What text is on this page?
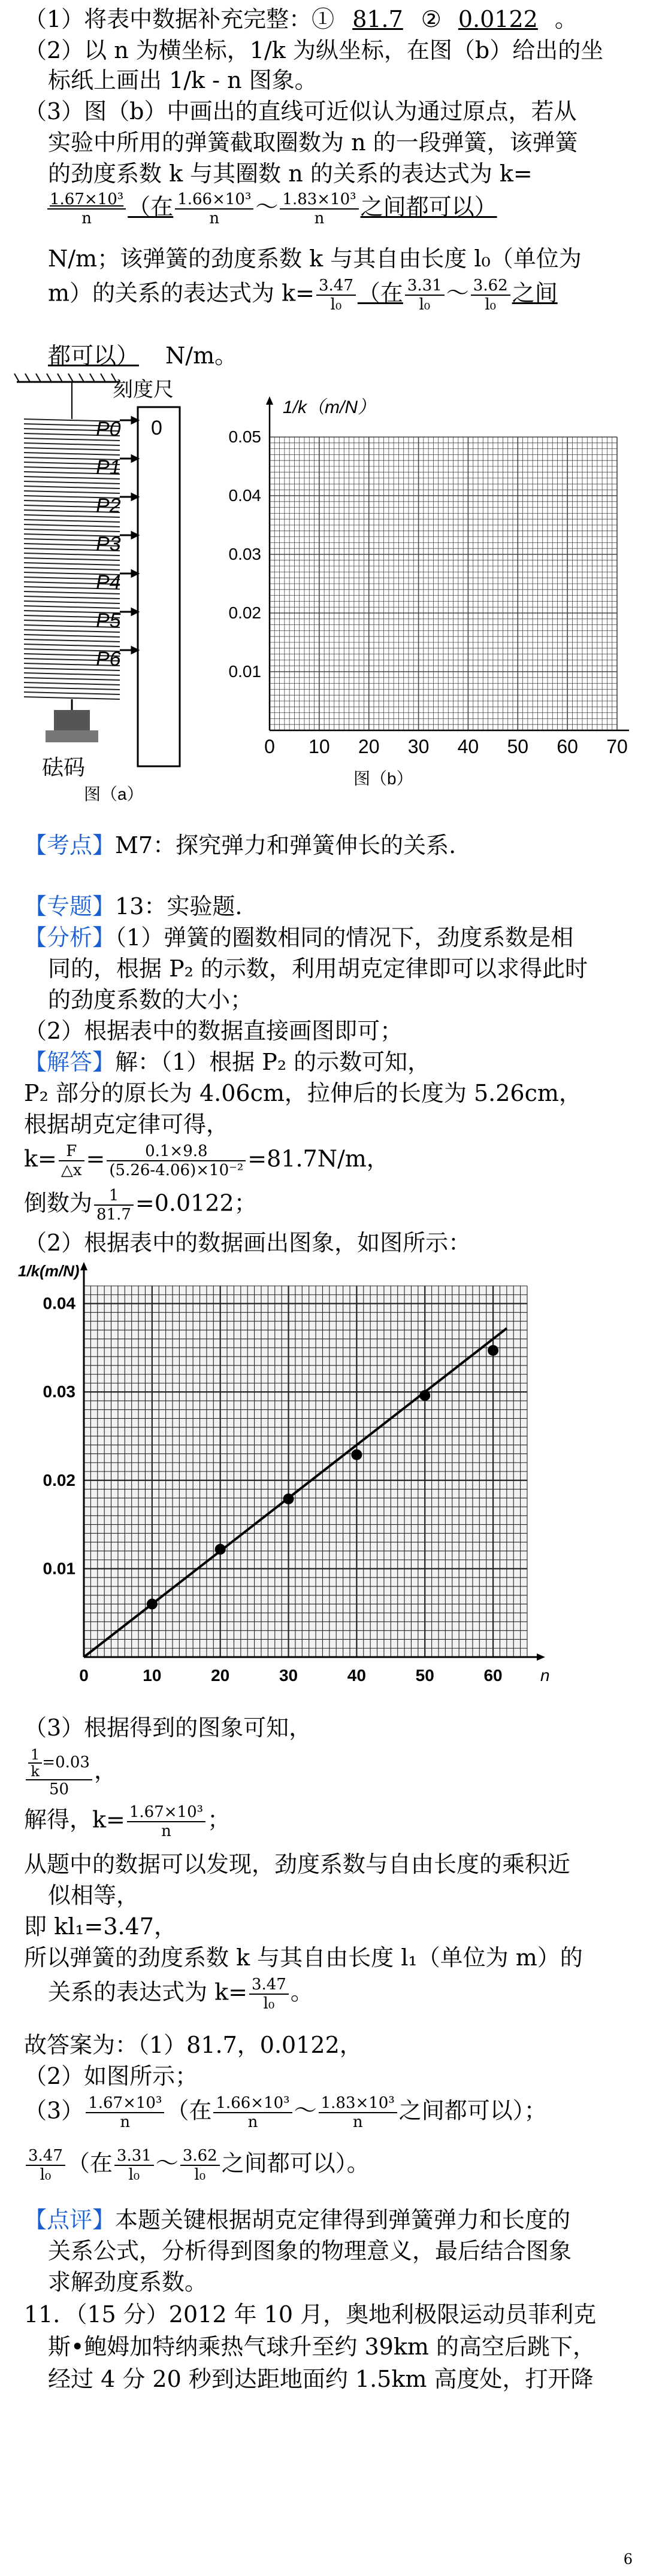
（1）将表中数据补充完整：① 81.7 ② 0.0122 。
（2）以 n 为横坐标，1/k 为纵坐标，在图（b）给出的坐
标纸上画出 1/k - n 图象。
（3）图（b）中画出的直线可近似认为通过原点，若从
实验中所用的弹簧截取圈数为 n 的一段弹簧，该弹簧
的劲度系数 k 与其圈数 n 的关系的表达式为 k=
$\frac{\text{1.67×10³}}{n}$ （在 $\frac{\text{1.66×10³}}{n}$ ～ $\frac{\text{1.83×10³}}{n}$ 之间都可以）
N/m；该弹簧的劲度系数 k 与其自由长度 l₀（单位为
m）的关系的表达式为 $k= \frac{3.47}{\text{l₀}}$ （在 $\frac{3.31}{\text{l₀}}$ ～ $\frac{3.62}{\text{l₀}}$ 之间
都可以） N/m。
刻度尺
0
P0
P1
P2
P3
P4
P5
P6
砝码
图（a）
1/k（m/N）
0.01
0.02
0.03
0.04
0.05
0 10 20 30 40 50 60 70
图（b）
【考点】M7：探究弹力和弹簧伸长的关系.
【专题】13：实验题.
【分析】（1）弹簧的圈数相同的情况下，劲度系数是相
同的，根据 P₂ 的示数，利用胡克定律即可以求得此时
的劲度系数的大小；
（2）根据表中的数据直接画图即可；
【解答】解：（1）根据 P₂ 的示数可知，
P₂ 部分的原长为 4.06cm，拉伸后的长度为 5.26cm，
根据胡克定律可得，
$k= \frac{F}{\triangle x} = \frac{0.1\times 9.8}{\text{(5.26-4.06)×10⁻²}} =81.7N/m$，
倒数为 $\frac{1}{81.7} =0.0122$；
（2）根据表中的数据画出图象，如图所示：
1/k(m/N)
n
0.01
0.02
0.03
0.04
0	10	20	30	40	50	60
（3）根据得到的图象可知，
$\frac{\frac{1}{k} =0.03}{50}$ ，
解得，$k= \frac{\text{1.67×10³}}{n}$ ；
从题中的数据可以发现，劲度系数与自由长度的乘积近
似相等，
即 kl₁=3.47，
所以弹簧的劲度系数 k 与其自由长度 l₁（单位为 m）的
关系的表达式为 $k= \frac{3.47}{\text{l₀}}$ 。
故答案为：（1）81.7，0.0122，
（2）如图所示；
$(3) \frac{\text{1.67×10³}}{n}$ （在 $\frac{\text{1.66×10³}}{n}$ ～ $\frac{\text{1.83×10³}}{n}$ 之间都可以）；
$\frac{3.47}{\text{l₀}}$ （在 $\frac{3.31}{\text{l₀}}$ ～ $\frac{3.62}{\text{l₀}}$ 之间都可以）。
【点评】本题关键根据胡克定律得到弹簧弹力和长度的
关系公式，分析得到图象的物理意义，最后结合图象
求解劲度系数。
11．（15 分）2012 年 10 月，奥地利极限运动员菲利克
斯•鲍姆加特纳乘热气球升至约 39km 的高空后跳下，
经过 4 分 20 秒到达距地面约 1.5km 高度处，打开降
6
